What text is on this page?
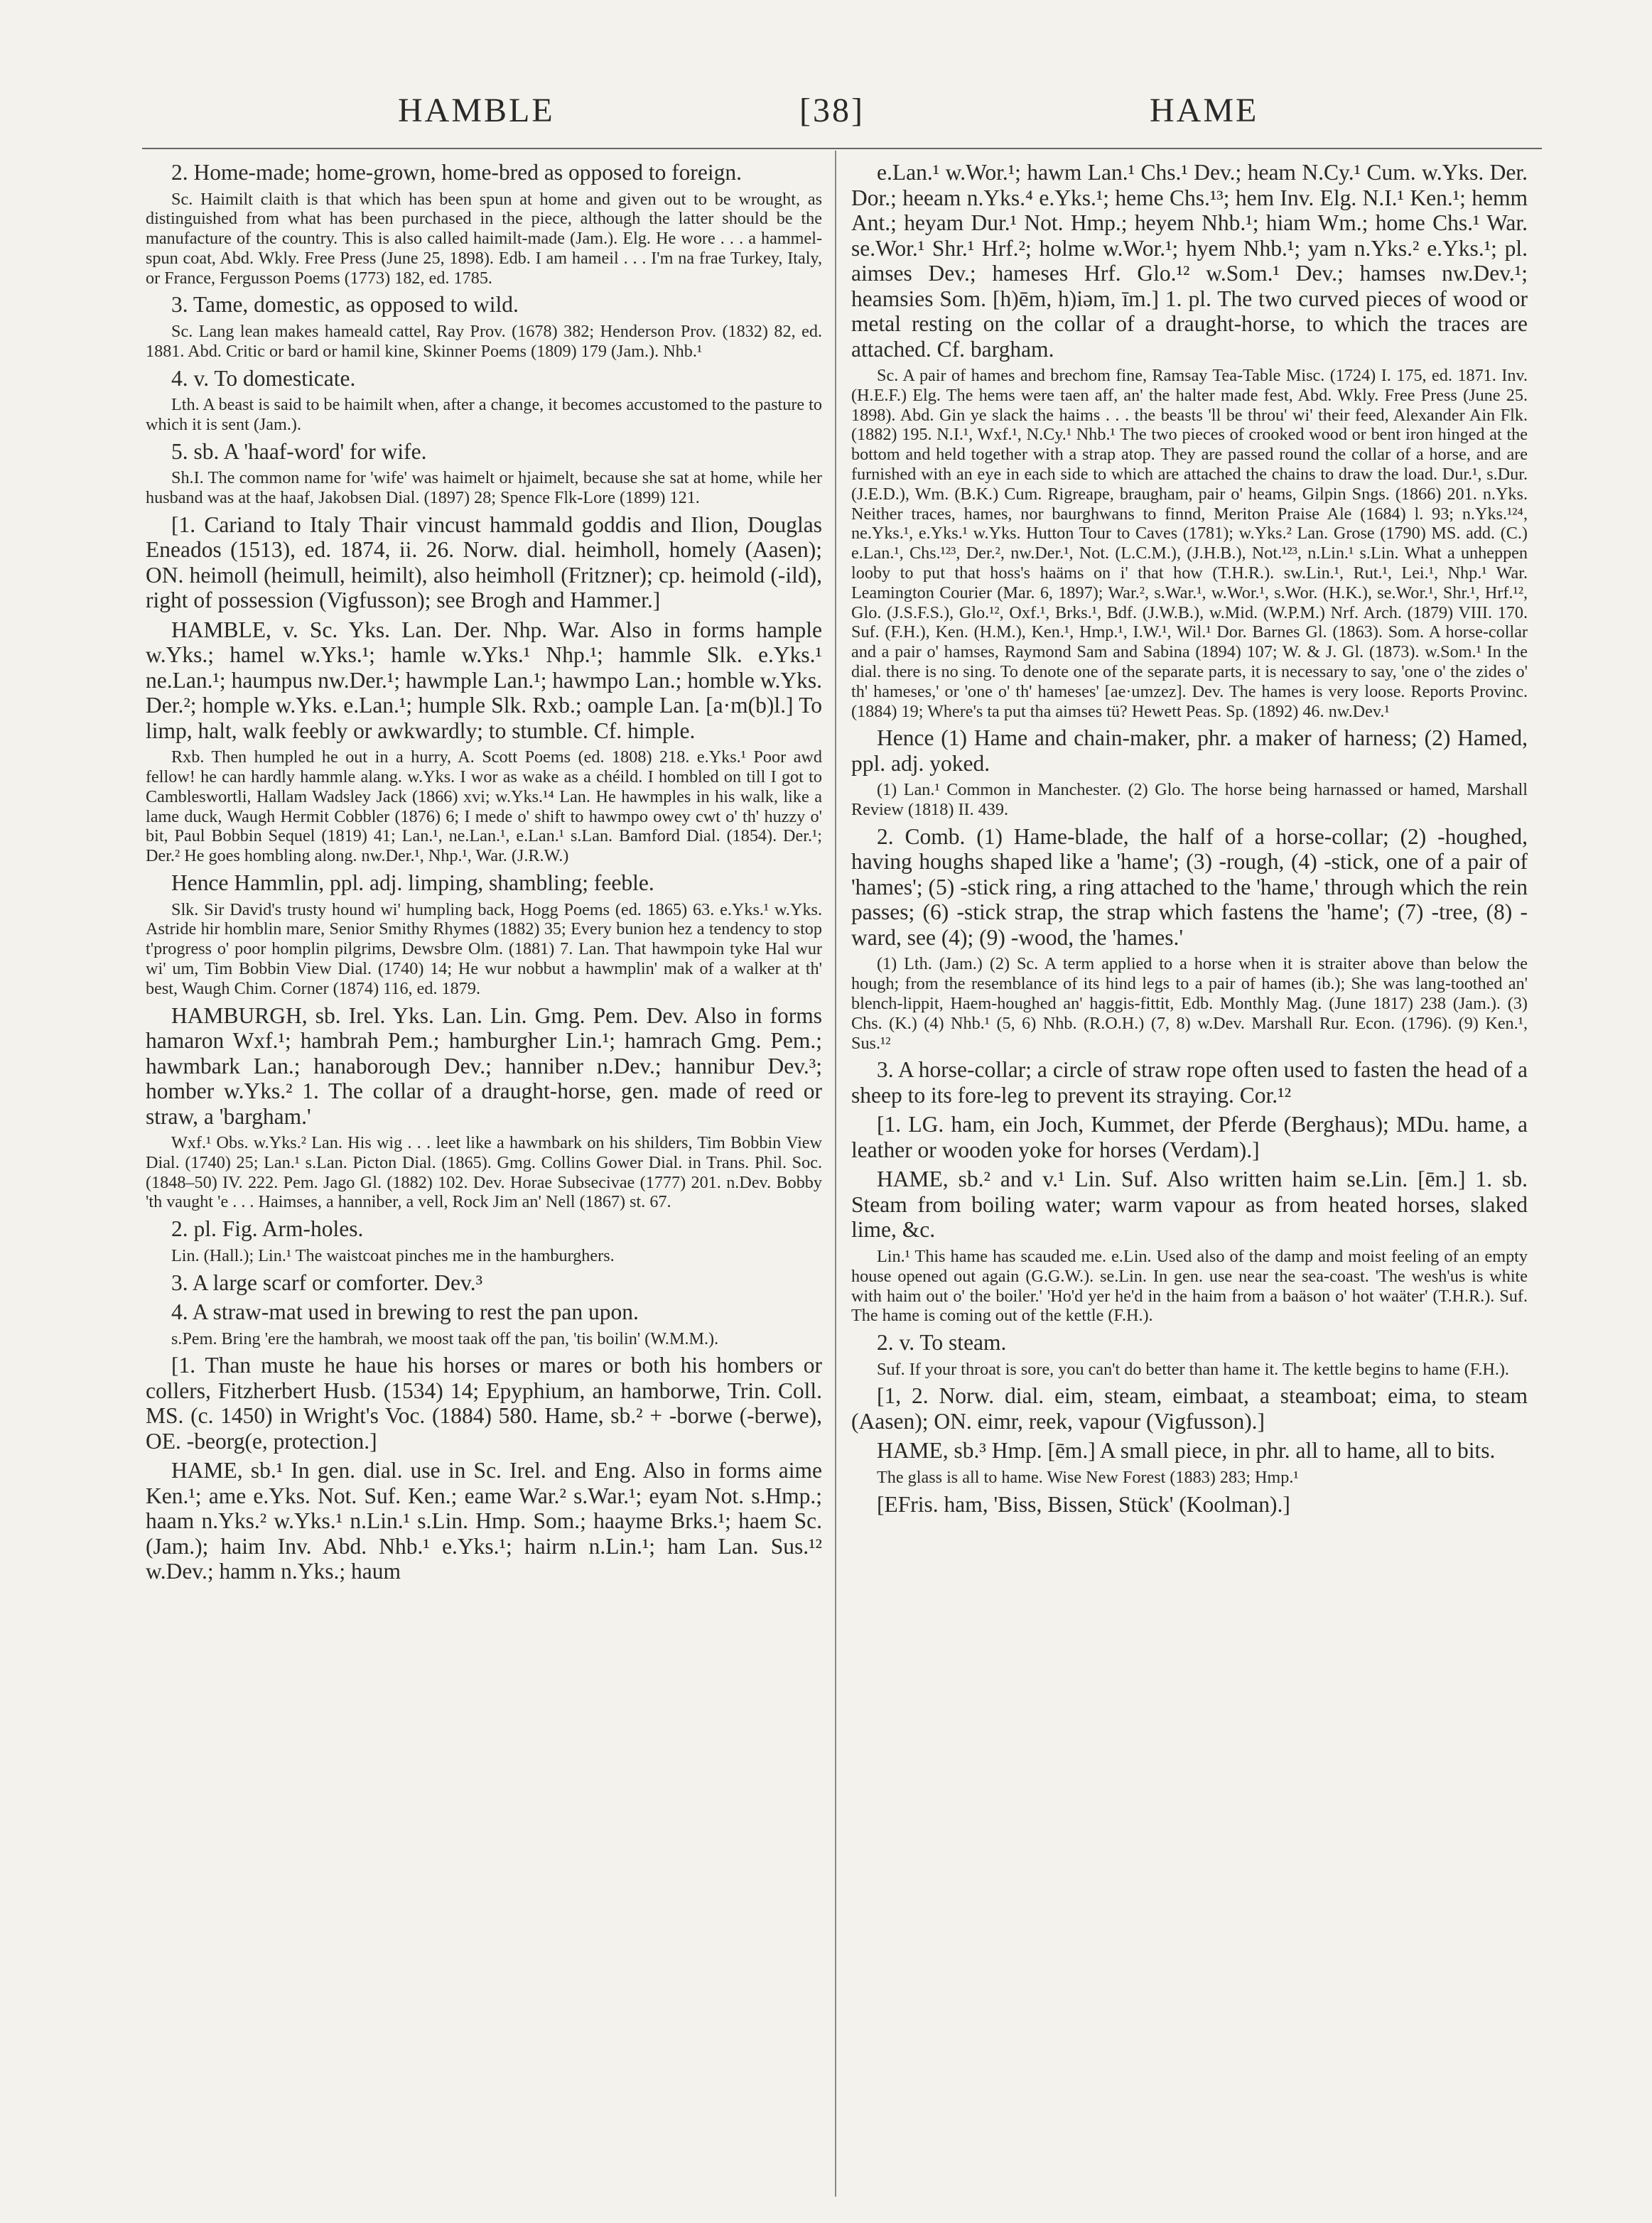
HAMBLE	[38]	HAME

2. Home-made; home-grown, home-bred as opposed to foreign.

Sc. Haimilt claith is that which has been spun at home and given out to be wrought, as distinguished from what has been purchased in the piece, although the latter should be the manufacture of the country. This is also called haimilt-made (Jam.). Elg. He wore . . . a hammel-spun coat, Abd. Wkly. Free Press (June 25, 1898). Edb. I am hameil . . . I'm na frae Turkey, Italy, or France, Fergusson Poems (1773) 182, ed. 1785.

3. Tame, domestic, as opposed to wild.

Sc. Lang lean makes hameald cattel, Ray Prov. (1678) 382; Henderson Prov. (1832) 82, ed. 1881. Abd. Critic or bard or hamil kine, Skinner Poems (1809) 179 (Jam.). Nhb.¹

4. v. To domesticate.

Lth. A beast is said to be haimilt when, after a change, it becomes accustomed to the pasture to which it is sent (Jam.).

5. sb. A 'haaf-word' for wife.

Sh.I. The common name for 'wife' was haimelt or hjaimelt, because she sat at home, while her husband was at the haaf, Jakobsen Dial. (1897) 28; Spence Flk-Lore (1899) 121.

[1. Cariand to Italy Thair vincust hammald goddis and Ilion, Douglas Eneados (1513), ed. 1874, ii. 26. Norw. dial. heimholl, homely (Aasen); ON. heimoll (heimull, heimilt), also heimholl (Fritzner); cp. heimold (-ild), right of possession (Vigfusson); see Brogh and Hammer.]

HAMBLE, v. Sc. Yks. Lan. Der. Nhp. War. Also in forms hample w.Yks.; hamel w.Yks.¹; hamle w.Yks.¹ Nhp.¹; hammle Slk. e.Yks.¹ ne.Lan.¹; haumpus nw.Der.¹; hawmple Lan.¹; hawmpo Lan.; homble w.Yks. Der.²; homple w.Yks. e.Lan.¹; humple Slk. Rxb.; oample Lan. [a·m(b)l.] To limp, halt, walk feebly or awkwardly; to stumble. Cf. himple.

Rxb. Then humpled he out in a hurry, A. Scott Poems (ed. 1808) 218. e.Yks.¹ Poor awd fellow! he can hardly hammle alang. w.Yks. I wor as wake as a chéild. I hombled on till I got to Cambleswortli, Hallam Wadsley Jack (1866) xvi; w.Yks.¹⁴ Lan. He hawmples in his walk, like a lame duck, Waugh Hermit Cobbler (1876) 6; I mede o' shift to hawmpo owey cwt o' th' huzzy o' bit, Paul Bobbin Sequel (1819) 41; Lan.¹, ne.Lan.¹, e.Lan.¹ s.Lan. Bamford Dial. (1854). Der.¹; Der.² He goes hombling along. nw.Der.¹, Nhp.¹, War. (J.R.W.)

Hence Hammlin, ppl. adj. limping, shambling; feeble.

Slk. Sir David's trusty hound wi' humpling back, Hogg Poems (ed. 1865) 63. e.Yks.¹ w.Yks. Astride hir homblin mare, Senior Smithy Rhymes (1882) 35; Every bunion hez a tendency to stop t'progress o' poor homplin pilgrims, Dewsbre Olm. (1881) 7. Lan. That hawmpoin tyke Hal wur wi' um, Tim Bobbin View Dial. (1740) 14; He wur nobbut a hawmplin' mak of a walker at th' best, Waugh Chim. Corner (1874) 116, ed. 1879.

HAMBURGH, sb. Irel. Yks. Lan. Lin. Gmg. Pem. Dev. Also in forms hamaron Wxf.¹; hambrah Pem.; hamburgher Lin.¹; hamrach Gmg. Pem.; hawmbark Lan.; hanaborough Dev.; hanniber n.Dev.; hannibur Dev.³; homber w.Yks.² 1. The collar of a draught-horse, gen. made of reed or straw, a 'bargham.'

Wxf.¹ Obs. w.Yks.² Lan. His wig . . . leet like a hawmbark on his shilders, Tim Bobbin View Dial. (1740) 25; Lan.¹ s.Lan. Picton Dial. (1865). Gmg. Collins Gower Dial. in Trans. Phil. Soc. (1848–50) IV. 222. Pem. Jago Gl. (1882) 102. Dev. Horae Subsecivae (1777) 201. n.Dev. Bobby 'th vaught 'e . . . Haimses, a hanniber, a vell, Rock Jim an' Nell (1867) st. 67.

2. pl. Fig. Arm-holes.

Lin. (Hall.); Lin.¹ The waistcoat pinches me in the hamburghers.

3. A large scarf or comforter. Dev.³

4. A straw-mat used in brewing to rest the pan upon.

s.Pem. Bring 'ere the hambrah, we moost taak off the pan, 'tis boilin' (W.M.M.).

[1. Than muste he haue his horses or mares or both his hombers or collers, Fitzherbert Husb. (1534) 14; Epyphium, an hamborwe, Trin. Coll. MS. (c. 1450) in Wright's Voc. (1884) 580. Hame, sb.² + -borwe (-berwe), OE. -beorg(e, protection.]

HAME, sb.¹ In gen. dial. use in Sc. Irel. and Eng. Also in forms aime Ken.¹; ame e.Yks. Not. Suf. Ken.; eame War.² s.War.¹; eyam Not. s.Hmp.; haam n.Yks.² w.Yks.¹ n.Lin.¹ s.Lin. Hmp. Som.; haayme Brks.¹; haem Sc. (Jam.); haim Inv. Abd. Nhb.¹ e.Yks.¹; hairm n.Lin.¹; ham Lan. Sus.¹² w.Dev.; hamm n.Yks.; haum

e.Lan.¹ w.Wor.¹; hawm Lan.¹ Chs.¹ Dev.; heam N.Cy.¹ Cum. w.Yks. Der. Dor.; heeam n.Yks.⁴ e.Yks.¹; heme Chs.¹³; hem Inv. Elg. N.I.¹ Ken.¹; hemm Ant.; heyam Dur.¹ Not. Hmp.; heyem Nhb.¹; hiam Wm.; home Chs.¹ War. se.Wor.¹ Shr.¹ Hrf.²; holme w.Wor.¹; hyem Nhb.¹; yam n.Yks.² e.Yks.¹; pl. aimses Dev.; hameses Hrf. Glo.¹² w.Som.¹ Dev.; hamses nw.Dev.¹; heamsies Som. [h)ēm, h)iəm, īm.] 1. pl. The two curved pieces of wood or metal resting on the collar of a draught-horse, to which the traces are attached. Cf. bargham.

Sc. A pair of hames and brechom fine, Ramsay Tea-Table Misc. (1724) I. 175, ed. 1871. Inv. (H.E.F.) Elg. The hems were taen aff, an' the halter made fest, Abd. Wkly. Free Press (June 25. 1898). Abd. Gin ye slack the haims . . . the beasts 'll be throu' wi' their feed, Alexander Ain Flk. (1882) 195. N.I.¹, Wxf.¹, N.Cy.¹ Nhb.¹ The two pieces of crooked wood or bent iron hinged at the bottom and held together with a strap atop. They are passed round the collar of a horse, and are furnished with an eye in each side to which are attached the chains to draw the load. Dur.¹, s.Dur. (J.E.D.), Wm. (B.K.) Cum. Rigreape, braugham, pair o' heams, Gilpin Sngs. (1866) 201. n.Yks. Neither traces, hames, nor baurghwans to finnd, Meriton Praise Ale (1684) l. 93; n.Yks.¹²⁴, ne.Yks.¹, e.Yks.¹ w.Yks. Hutton Tour to Caves (1781); w.Yks.² Lan. Grose (1790) MS. add. (C.) e.Lan.¹, Chs.¹²³, Der.², nw.Der.¹, Not. (L.C.M.), (J.H.B.), Not.¹²³, n.Lin.¹ s.Lin. What a unheppen looby to put that hoss's haäms on i' that how (T.H.R.). sw.Lin.¹, Rut.¹, Lei.¹, Nhp.¹ War. Leamington Courier (Mar. 6, 1897); War.², s.War.¹, w.Wor.¹, s.Wor. (H.K.), se.Wor.¹, Shr.¹, Hrf.¹², Glo. (J.S.F.S.), Glo.¹², Oxf.¹, Brks.¹, Bdf. (J.W.B.), w.Mid. (W.P.M.) Nrf. Arch. (1879) VIII. 170. Suf. (F.H.), Ken. (H.M.), Ken.¹, Hmp.¹, I.W.¹, Wil.¹ Dor. Barnes Gl. (1863). Som. A horse-collar and a pair o' hamses, Raymond Sam and Sabina (1894) 107; W. & J. Gl. (1873). w.Som.¹ In the dial. there is no sing. To denote one of the separate parts, it is necessary to say, 'one o' the zides o' th' hameses,' or 'one o' th' hameses' [ae·umzez]. Dev. The hames is very loose. Reports Provinc. (1884) 19; Where's ta put tha aimses tü? Hewett Peas. Sp. (1892) 46. nw.Dev.¹

Hence (1) Hame and chain-maker, phr. a maker of harness; (2) Hamed, ppl. adj. yoked.

(1) Lan.¹ Common in Manchester. (2) Glo. The horse being harnassed or hamed, Marshall Review (1818) II. 439.

2. Comb. (1) Hame-blade, the half of a horse-collar; (2) -houghed, having houghs shaped like a 'hame'; (3) -rough, (4) -stick, one of a pair of 'hames'; (5) -stick ring, a ring attached to the 'hame,' through which the rein passes; (6) -stick strap, the strap which fastens the 'hame'; (7) -tree, (8) -ward, see (4); (9) -wood, the 'hames.'

(1) Lth. (Jam.) (2) Sc. A term applied to a horse when it is straiter above than below the hough; from the resemblance of its hind legs to a pair of hames (ib.); She was lang-toothed an' blench-lippit, Haem-houghed an' haggis-fittit, Edb. Monthly Mag. (June 1817) 238 (Jam.). (3) Chs. (K.) (4) Nhb.¹ (5, 6) Nhb. (R.O.H.) (7, 8) w.Dev. Marshall Rur. Econ. (1796). (9) Ken.¹, Sus.¹²

3. A horse-collar; a circle of straw rope often used to fasten the head of a sheep to its fore-leg to prevent its straying. Cor.¹²

[1. LG. ham, ein Joch, Kummet, der Pferde (Berghaus); MDu. hame, a leather or wooden yoke for horses (Verdam).]

HAME, sb.² and v.¹ Lin. Suf. Also written haim se.Lin. [ēm.] 1. sb. Steam from boiling water; warm vapour as from heated horses, slaked lime, &c.

Lin.¹ This hame has scauded me. e.Lin. Used also of the damp and moist feeling of an empty house opened out again (G.G.W.). se.Lin. In gen. use near the sea-coast. 'The wesh'us is white with haim out o' the boiler.' 'Ho'd yer he'd in the haim from a baäson o' hot waäter' (T.H.R.). Suf. The hame is coming out of the kettle (F.H.).

2. v. To steam.

Suf. If your throat is sore, you can't do better than hame it. The kettle begins to hame (F.H.).

[1, 2. Norw. dial. eim, steam, eimbaat, a steamboat; eima, to steam (Aasen); ON. eimr, reek, vapour (Vigfusson).]

HAME, sb.³ Hmp. [ēm.] A small piece, in phr. all to hame, all to bits.

The glass is all to hame. Wise New Forest (1883) 283; Hmp.¹

[EFris. ham, 'Biss, Bissen, Stück' (Koolman).]
